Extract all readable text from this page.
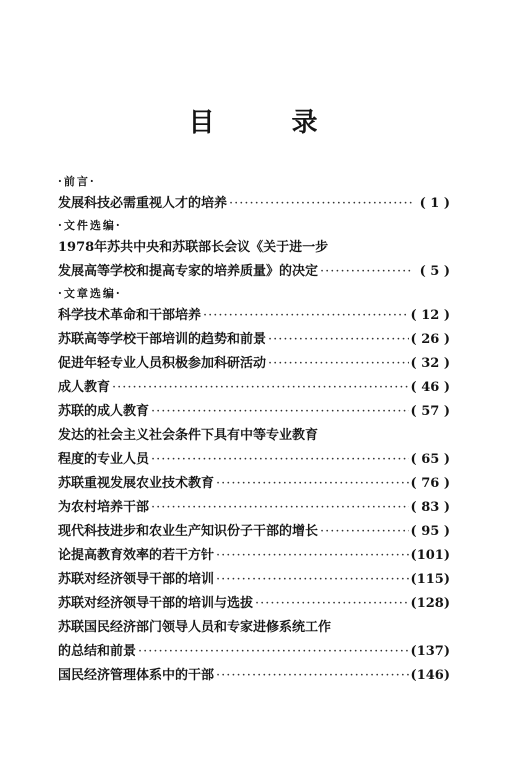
目 录
·前言·
发展科技必需重视人才的培养 ·····	( 1 )
·文件选编·
1978年苏共中央和苏联部长会议《关于进一步
发展高等学校和提高专家的培养质量》的决定 ·····	( 5 )
·文章选编·
科学技术革命和干部培养 ·····	( 12 )
苏联高等学校干部培训的趋势和前景 ·····	( 26 )
促进年轻专业人员积极参加科研活动 ·····	( 32 )
成人教育 ·····	( 46 )
苏联的成人教育 ·····	( 57 )
发达的社会主义社会条件下具有中等专业教育
程度的专业人员 ·····	( 65 )
苏联重视发展农业技术教育 ·····	( 76 )
为农村培养干部 ·····	( 83 )
现代科技进步和农业生产知识份子干部的增长 ·····	( 95 )
论提高教育效率的若干方针 ·····	(101)
苏联对经济领导干部的培训 ·····	(115)
苏联对经济领导干部的培训与选拔 ·····	(128)
苏联国民经济部门领导人员和专家进修系统工作
的总结和前景 ·····	(137)
国民经济管理体系中的干部 ·····	(146)
